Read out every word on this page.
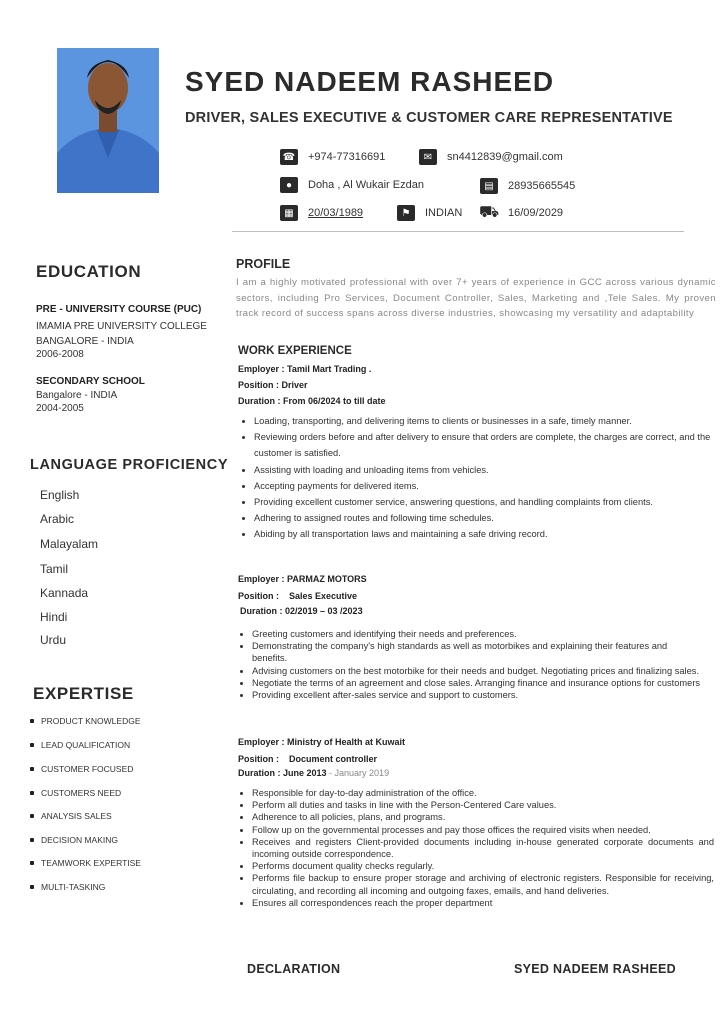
SYED NADEEM RASHEED
DRIVER, SALES EXECUTIVE & CUSTOMER CARE REPRESENTATIVE
☎ +974-77316691	✉	sn4412839@gmail.com
●	Doha , Al Wukair Ezdan	▤	28935665545
▦	20/03/1989	⚑	INDIAN ⛟ 16/09/2029
EDUCATION
PRE - UNIVERSITY COURSE (PUC)
IMAMIA PRE UNIVERSITY COLLEGE
BANGALORE - INDIA
2006-2008
SECONDARY SCHOOL
Bangalore - INDIA
2004-2005
LANGUAGE PROFICIENCY
English
Arabic
Malayalam
Tamil
Kannada
Hindi
Urdu
EXPERTISE
PRODUCT KNOWLEDGE
LEAD QUALIFICATION
CUSTOMER FOCUSED
CUSTOMERS NEED
ANALYSIS SALES
DECISION MAKING
TEAMWORK EXPERTISE
MULTI-TASKING
PROFILE
I am a highly motivated professional with over 7+ years of experience in GCC across various dynamic sectors, including Pro Services, Document Controller, Sales, Marketing and ,Tele Sales. My proven track record of success spans across diverse industries, showcasing my versatility and adaptability
WORK EXPERIENCE
Employer : Tamil Mart Trading .
Position : Driver
Duration : From 06/2024 to till date
• Loading, transporting, and delivering items to clients or businesses in a safe, timely manner.
• Reviewing orders before and after delivery to ensure that orders are complete, the charges are correct, and the customer is satisfied.
• Assisting with loading and unloading items from vehicles.
• Accepting payments for delivered items.
• Providing excellent customer service, answering questions, and handling complaints from clients.
• Adhering to assigned routes and following time schedules.
• Abiding by all transportation laws and maintaining a safe driving record.
Employer : PARMAZ MOTORS
Position :    Sales Executive
Duration : 02/2019 – 03 /2023
• Greeting customers and identifying their needs and preferences.
• Demonstrating the company's high standards as well as motorbikes and explaining their features and benefits.
• Advising customers on the best motorbike for their needs and budget. Negotiating prices and finalizing sales.
• Negotiate the terms of an agreement and close sales. Arranging finance and insurance options for customers
• Providing excellent after-sales service and support to customers.
Employer : Ministry of Health at Kuwait
Position :    Document controller
Duration : June 2013 - January 2019
• Responsible for day-to-day administration of the office.
• Perform all duties and tasks in line with the Person-Centered Care values.
• Adherence to all policies, plans, and programs.
• Follow up on the governmental processes and pay those offices the required visits when needed.
• Receives and registers Client-provided documents including in-house generated corporate documents and incoming outside correspondence.
• Performs document quality checks regularly.
• Performs file backup to ensure proper storage and archiving of electronic registers. Responsible for receiving, circulating, and recording all incoming and outgoing faxes, emails, and hand deliveries.
• Ensures all correspondences reach the proper department
DECLARATION	SYED NADEEM RASHEED
